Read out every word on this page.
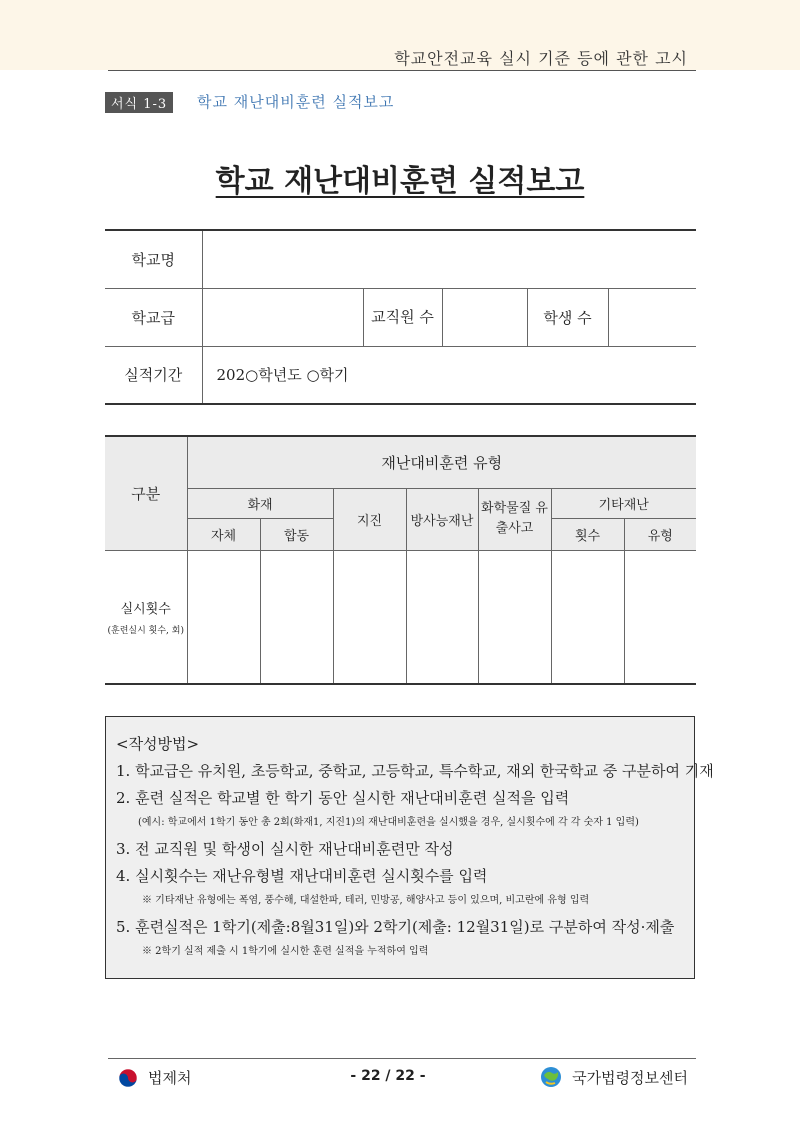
학교안전교육 실시 기준 등에 관한 고시
서식 1-3	학교 재난대비훈련 실적보고
학교 재난대비훈련 실적보고
학교명					
학교급		교직원 수		학생 수	
실적기간	202○학년도 ○학기				
구분	재난대비훈련 유형						
	화재		지진	방사능재난	화학물질 유출사고	기타재난	
	자체	합동				횟수	유형
실시횟수
(훈련실시 횟수, 회)							

<작성방법>
1. 학교급은 유치원, 초등학교, 중학교, 고등학교, 특수학교, 재외 한국학교 중 구분하여 기재
2. 훈련 실적은 학교별 한 학기 동안 실시한 재난대비훈련 실적을 입력
(예시: 학교에서 1학기 동안 총 2회(화재1, 지진1)의 재난대비훈련을 실시했을 경우, 실시횟수에 각 각 숫자 1 입력)
3. 전 교직원 및 학생이 실시한 재난대비훈련만 작성
4. 실시횟수는 재난유형별 재난대비훈련 실시횟수를 입력
※ 기타재난 유형에는 폭염, 풍수해, 대설한파, 테러, 민방공, 해양사고 등이 있으며, 비고란에 유형 입력
5. 훈련실적은 1학기(제출:8월31일)와 2학기(제출: 12월31일)로 구분하여 작성·제출
※ 2학기 실적 제출 시 1학기에 실시한 훈련 실적을 누적하여 입력
법제처	- 22 / 22 -	국가법령정보센터
